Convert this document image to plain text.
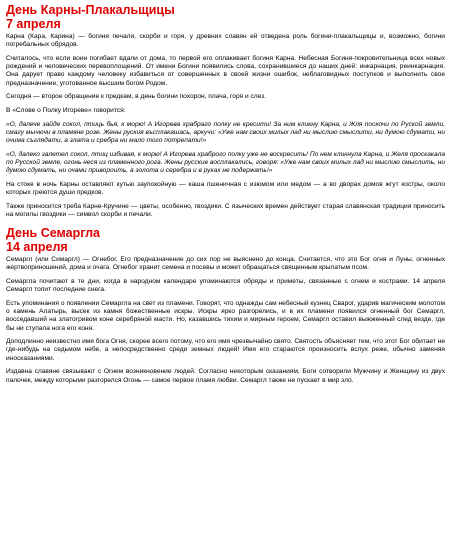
День Карны-Плакальщицы
7 апреля

Карна (Кара, Карина) — богиня печали, скорби и горя, у древних славян ей отведена роль богини-плакальщицы и, возможно, богини погребальных обрядов.

Считалось, что если воин погибает вдали от дома, то первой его оплакивает богиня Карна. Небесная Богиня-покровительница всех новых рождений и человеческих перевоплощений. От имени Богини появились слова, сохранившиеся до наших дней: инкарнация, реинкарнация. Она дарует право каждому человеку избавиться от совершенных в своей жизни ошибок, неблаговидных поступков и выполнить свое предназначение, уготованное высшим богом Родом.

Сегодня — второе обращение к предкам, в день богини похорон, плача, горя и слез.

В «Слове о Полку Игореве» говорится:

«О, далече зайде сокол, птиць бья, к морю! А Игорева храбраго полку не кресити! За ним кликну Карна, и Жля поскочи по Руской земли, смагу мычючи в пламяне розе. Жены руския въсплакашась, аркучи: «Уже нам своих милых лад ни мыслию смыслити, ни думою сдумати, ни очима съглядати, а злата и сребра ни мало того потрепати!»

«О, далеко залетел сокол, птиц избивая, к морю! А Игорева храброго полку уже не воскресить! По нем кликнула Карна, и Желя проскакала по Русской земле, огонь неся из пламенного рога. Жены русские восплакались, говоря: «Уже нам своих милых лад ни мыслию смыслить, ни думою сдумать, ни очами привороить, а золота и серебра и в руках не подержать!»

На стоке в ночь Карны оставляют кутью заупокойную — каша пшеничная с изюмом или медом — а во дворах домов жгут костры, около которых греются души предков.

Также приносится треба Карне-Кручине — цветы, особенно, гвоздики. С языческих времен действует старая славянская традиция приносить на могилы гвоздики — символ скорби и печали.

День Семаргла
14 апреля

Семаргл (или Симаргл) — Огнебог. Его предназначение до сих пор не выяснено до конца. Считается, что это Бог огня и Луны, огненных жертвоприношений, дома и очага. Огнебог хранит семена и посевы и может обращаться священным крылатым псом.

Семаргла почитают в те дни, когда в народном календаре упоминаются обряды и приметы, связанные с огнем и кострами. 14 апреля Семаргл топит последние снега.

Есть упоминания о появлении Семаргла на свет из пламени. Говорят, что однажды сам небесный кузнец Сварог, ударив магическим молотом о камень Алатырь, высек из камня божественные искры. Искры ярко разгорелись, и в их пламени появился огненный бог Семаргл, восседавший на златогривом коне серебряной масти. Но, казавшись тихим и мирным героем, Семаргл оставил выжженный след везде, где бы ни ступала нога его коня.

Доподлинно неизвестно имя бога Огня, скорее всего потому, что его имя чрезвычайно свято. Святость объясняет тем, что этот Бог обитает не где-нибудь на седьмом небе, а непосредственно среди земных людей! Имя его стараются произносить вслух реже, обычно заменяя иносказаниями.

Издавна славяне связывают с Огнем возникновение людей. Согласно некоторым сказаниям, Боги сотворили Мужчину и Женщину из двух палочек, между которыми разгорелся Огонь — самое первое пламя любви. Семаргл также не пускает в мир зло.
